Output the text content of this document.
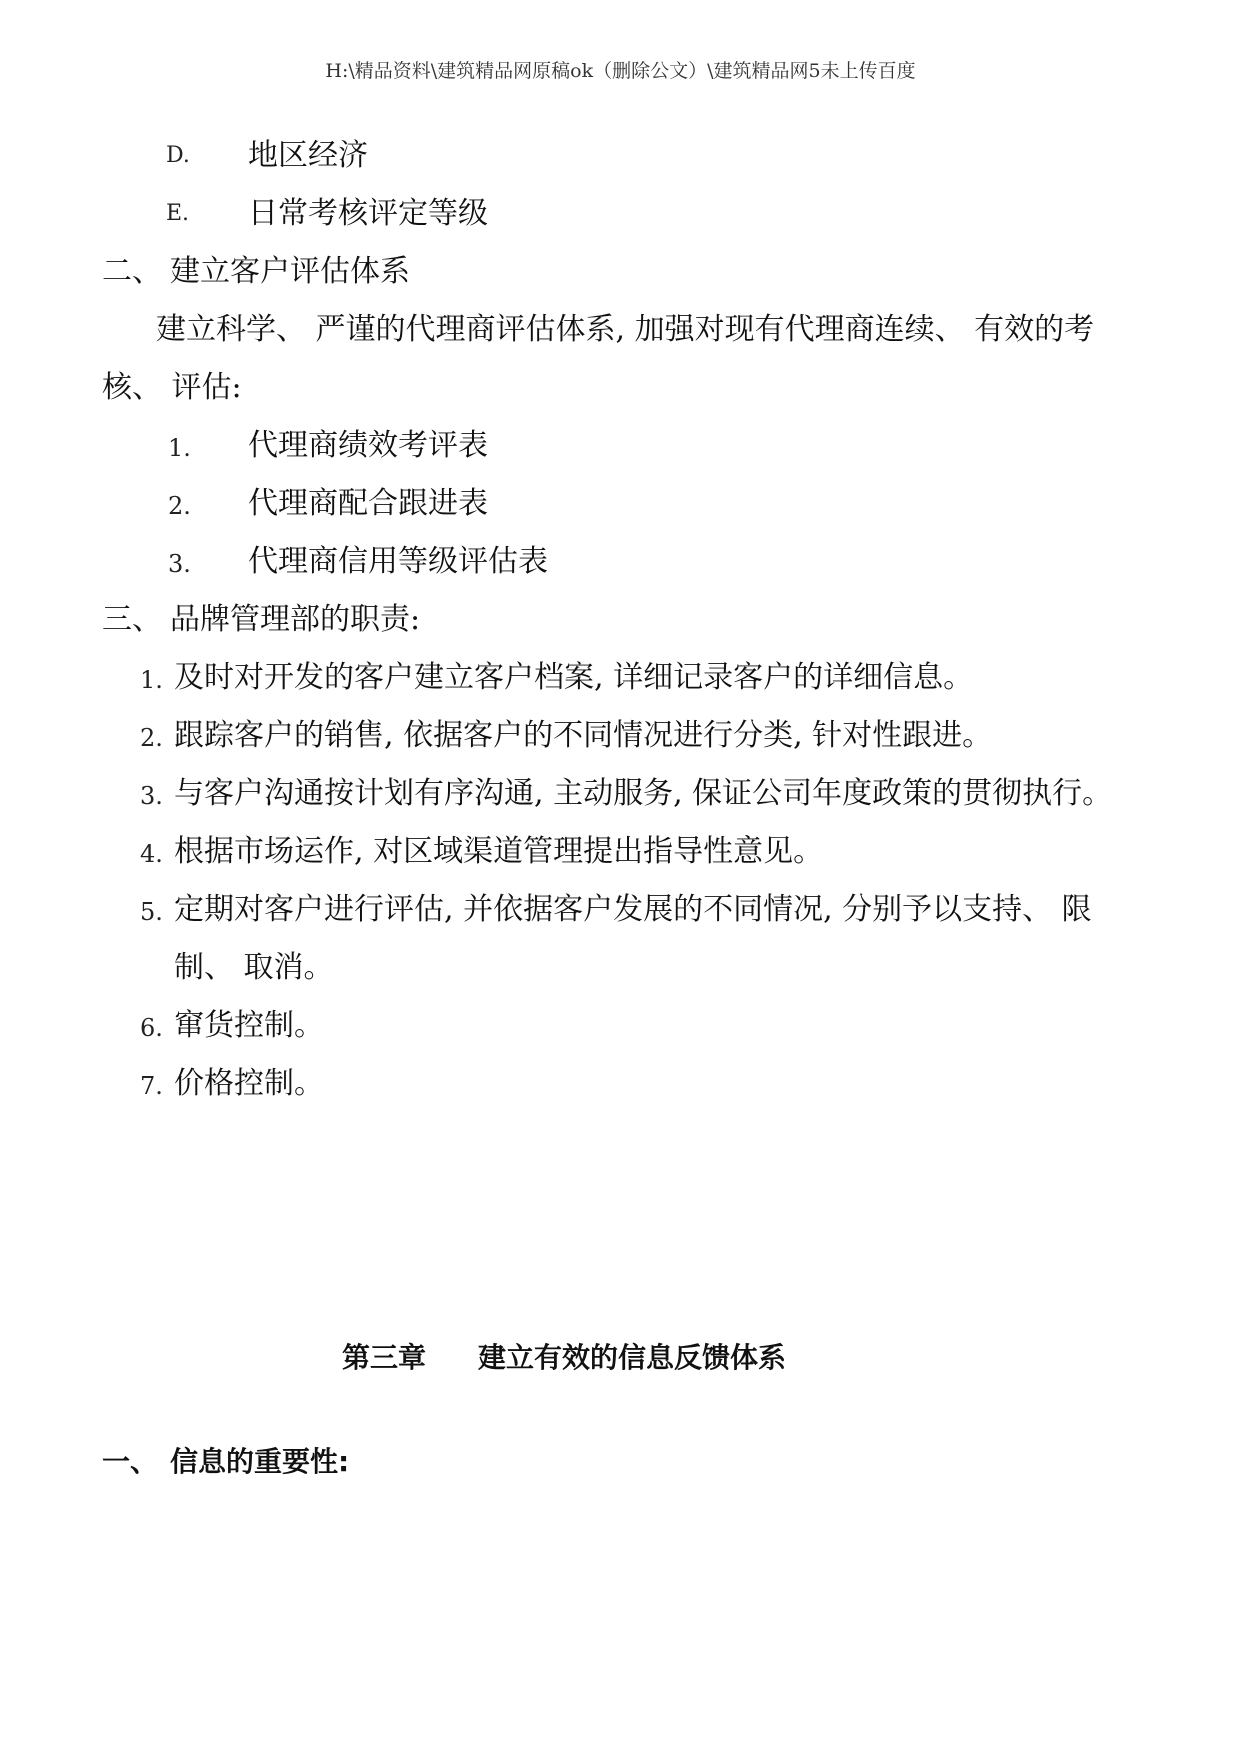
H:\精品资料\建筑精品网原稿ok（删除公文）\建筑精品网5未上传百度
D. 地区经济
E. 日常考核评定等级
二、 建立客户评估体系
建立科学、 严谨的代理商评估体系, 加强对现有代理商连续、 有效的考
核、 评估:
1. 代理商绩效考评表
2. 代理商配合跟进表
3. 代理商信用等级评估表
三、 品牌管理部的职责:
1. 及时对开发的客户建立客户档案, 详细记录客户的详细信息。
2. 跟踪客户的销售, 依据客户的不同情况进行分类, 针对性跟进。
3. 与客户沟通按计划有序沟通, 主动服务, 保证公司年度政策的贯彻执行。
4. 根据市场运作, 对区域渠道管理提出指导性意见。
5. 定期对客户进行评估, 并依据客户发展的不同情况, 分别予以支持、 限
制、 取消。
6. 窜货控制。
7. 价格控制。
第三章 建立有效的信息反馈体系
一、 信息的重要性:
